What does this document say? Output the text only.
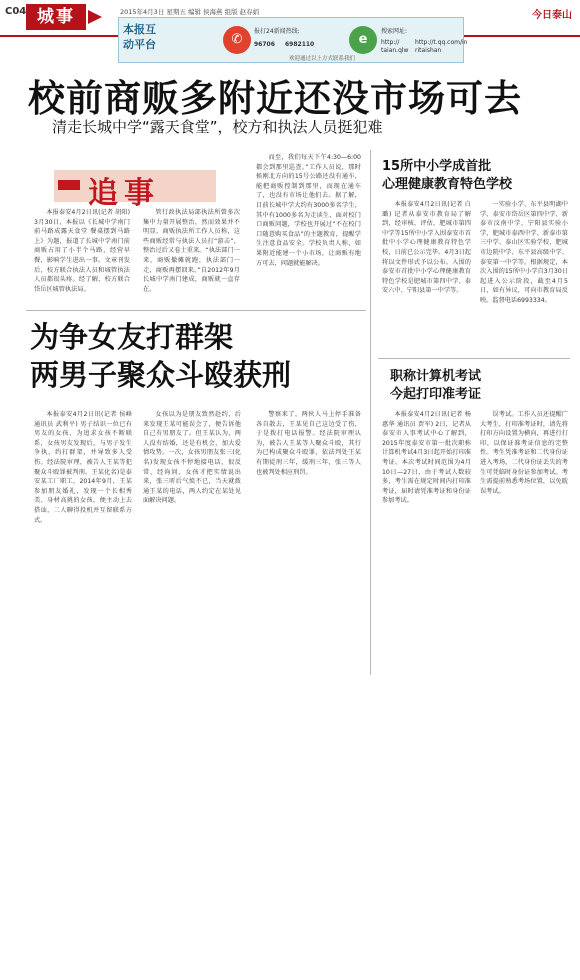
C04 城事	2015年4月3日 星期五 编辑 侯海燕 组版 赵春娟	今日泰山
本报互
动平台	✆
报打24新闻热线:
96706 6982110	e
搜索网址:
http://
taian.qlw
http://t.qq.com/in
ritaishan
欢迎通过以上方式联系我们
校前商贩多附近还没市场可去
清走长城中学“露天食堂”，校方和执法人员挺犯难
追事

本报泰安4月2日讯(记者 胡阳) 3月30日，本报以《长城中学南门前马路成露天食堂 餐桌摆到马路上》为题，报道了长城中学南门前商贩占用了小半个马路，经营早餐，影响学生进出一事。文章刊发后，校方联合执法人员和城管执法人员都很头疼。经了解，校方联合岱岳区城管执法局。

管行政执法局部执法所曾多次集中力量开展整治，然而效果并不明显，商贩执法所工作人员称，这些商贩经常与执法人员打“游击”，整治过后又卷土重来。“执法部门一来，商贩撤摊就跑，执法部门一走，商贩再摆回来。”自2012年9月长城中学南门建成，商贩就一直存在。

而至，我们每天下午4:30—6:00都会到那里巡查。”工作人员说，那时候刚北方向的15号公路还没有通车，能把商贩控制到那里，而现在通车了，也没有市场让他们去。据了解，目前长城中学大约有3000多名学生，其中有1000多名为走读生，面对校门口商贩问题，学校也开展过“不在校门口随意购买食品”的主题教育，提醒学生注意食品安全。学校负责人称，如果附近能建一个小市场，让商贩有地方可去，问题就能解决。

为争女友打群架
两男子聚众斗殴获刑

本报泰安4月2日讯(记者 侯峰 通讯员 武利平) 男子结识一位已有男友的女孩，为追求女孩不断联系，女孩男友发现后，与男子发生争执，约打群架，并导致多人受伤。经法院审理，被告人王某等犯聚众斗殴罪被判刑。王某化名)是泰安某工厂职工，2014年9月，王某参加朋友婚礼，发现一个长相秀美、身材高挑的女孩，便主动上去搭讪，二人聊得投机并互留联系方式。

女孩以为是朋友致然赴约，后来发现王某可能误会了，便告诉他自己有男朋友了。但王某认为，两人没有结婚，还是有机会，加大爱情攻势。一次，女孩男朋友张三(化名)发现女孩不停地接电话，很反常，经询问，女孩才把实情说出来，张三听后气愤不已，当天就拨通王某的电话，两人约定在某处见面解决问题。

警察来了，两伙人马上停手准备各自散去，王某见自己这边受了伤，于是拨打电话报警。经法院审理认为，被告人王某等人聚众斗殴，其行为已构成聚众斗殴罪，依法判处王某有期徒刑三年，缓刑三年，张三等人也被判处相应刑罚。

15所中小学成首批
心理健康教育特色学校

本报泰安4月2日讯(记者 白璐) 记者从泰安市教育局了解到，经审核、评估，肥城市第四中学等15所中小学入围泰安市首批中小学心理健康教育特色学校，日前已公示完毕。4月3日起将以文件形式予以公布。入围的泰安市首批中小学心理健康教育特色学校是肥城市第四中学、泰安六中、宁阳县第一中学等。

一实验小学、东平县明湖中学、泰安市岱岳区第四中学、新泰市汶南中学、宁阳县实验小学、肥城市泰西中学、新泰市第三中学、泰山区实验学校、肥城市边院中学、东平县高级中学、泰安第一中学等。根据规定，本次入围的15所中小学自3月30日起进入公示阶段，截至4月5日，如有异议，可向市教育局反映。监督电话6993334。

职称计算机考试
今起打印准考证

本报泰安4月2日讯(记者 杨惠华 通讯员 贾军) 2日，记者从泰安市人事考试中心了解到，2015年度泰安市第一批次职称计算机考试4月3日起开始打印准考证。本次考试时间范围为4月10日—27日，由于考试人数较多，考生需在规定时间内打印准考证，届时请凭准考证和身份证参加考试。

误考试。工作人员还提醒广大考生，打印准考证时，请先将打印方向设置为横向，再进行打印，以保证准考证信息的完整性。考生凭准考证和二代身份证进入考场，二代身份证丢失的考生可凭临时身份证参加考试。考生需提前熟悉考场位置，以免耽误考试。
